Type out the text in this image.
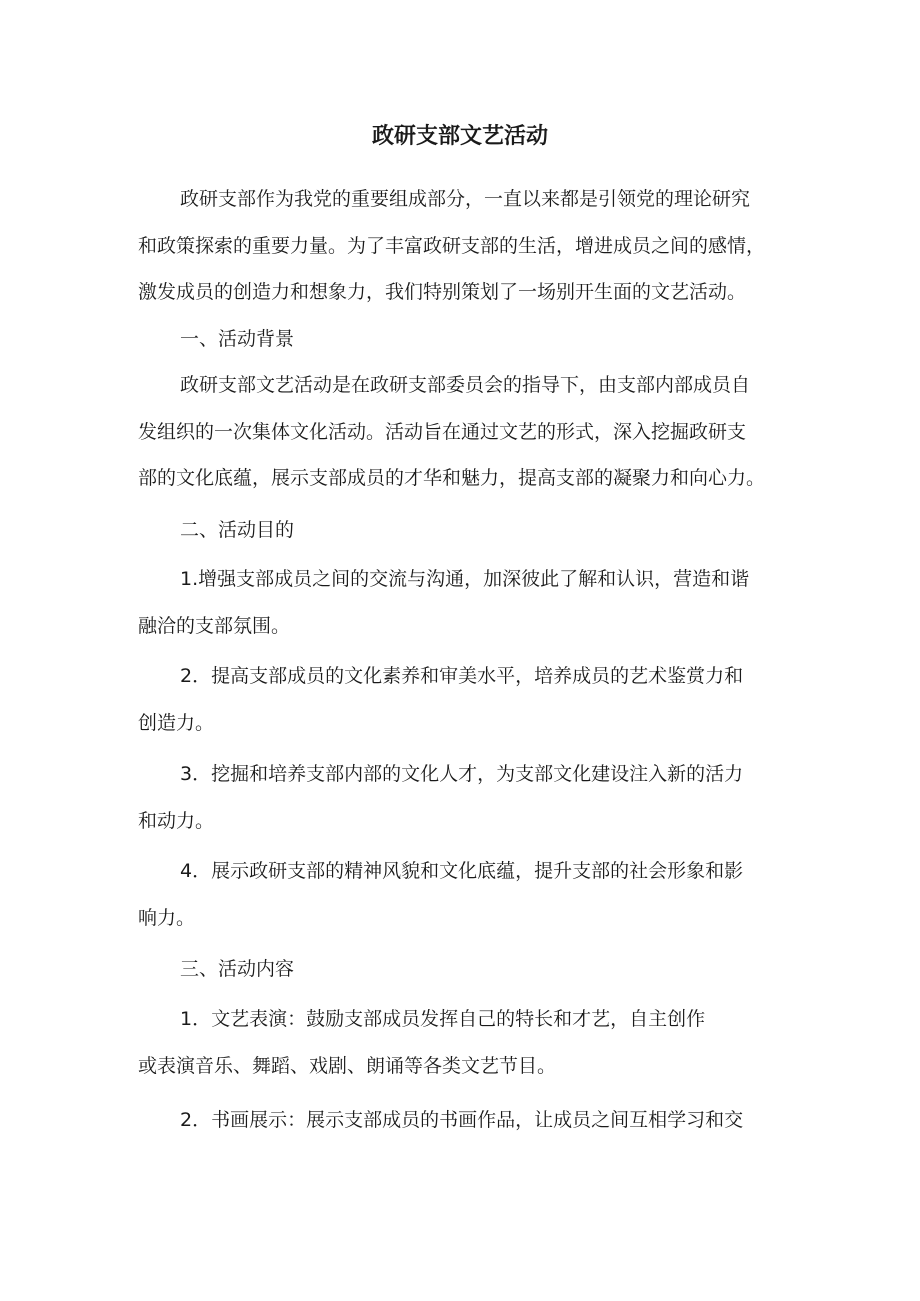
政研支部文艺活动

政研支部作为我党的重要组成部分，一直以来都是引领党的理论研究
和政策探索的重要力量。为了丰富政研支部的生活，增进成员之间的感情，
激发成员的创造力和想象力，我们特别策划了一场别开生面的文艺活动。

一、活动背景

政研支部文艺活动是在政研支部委员会的指导下，由支部内部成员自
发组织的一次集体文化活动。活动旨在通过文艺的形式，深入挖掘政研支
部的文化底蕴，展示支部成员的才华和魅力，提高支部的凝聚力和向心力。

二、活动目的

1.增强支部成员之间的交流与沟通，加深彼此了解和认识，营造和谐
融洽的支部氛围。

2．提高支部成员的文化素养和审美水平，培养成员的艺术鉴赏力和
创造力。

3．挖掘和培养支部内部的文化人才，为支部文化建设注入新的活力
和动力。

4．展示政研支部的精神风貌和文化底蕴，提升支部的社会形象和影
响力。

三、活动内容

1．文艺表演：鼓励支部成员发挥自己的特长和才艺，自主创作
或表演音乐、舞蹈、戏剧、朗诵等各类文艺节目。

2．书画展示：展示支部成员的书画作品，让成员之间互相学习和交
